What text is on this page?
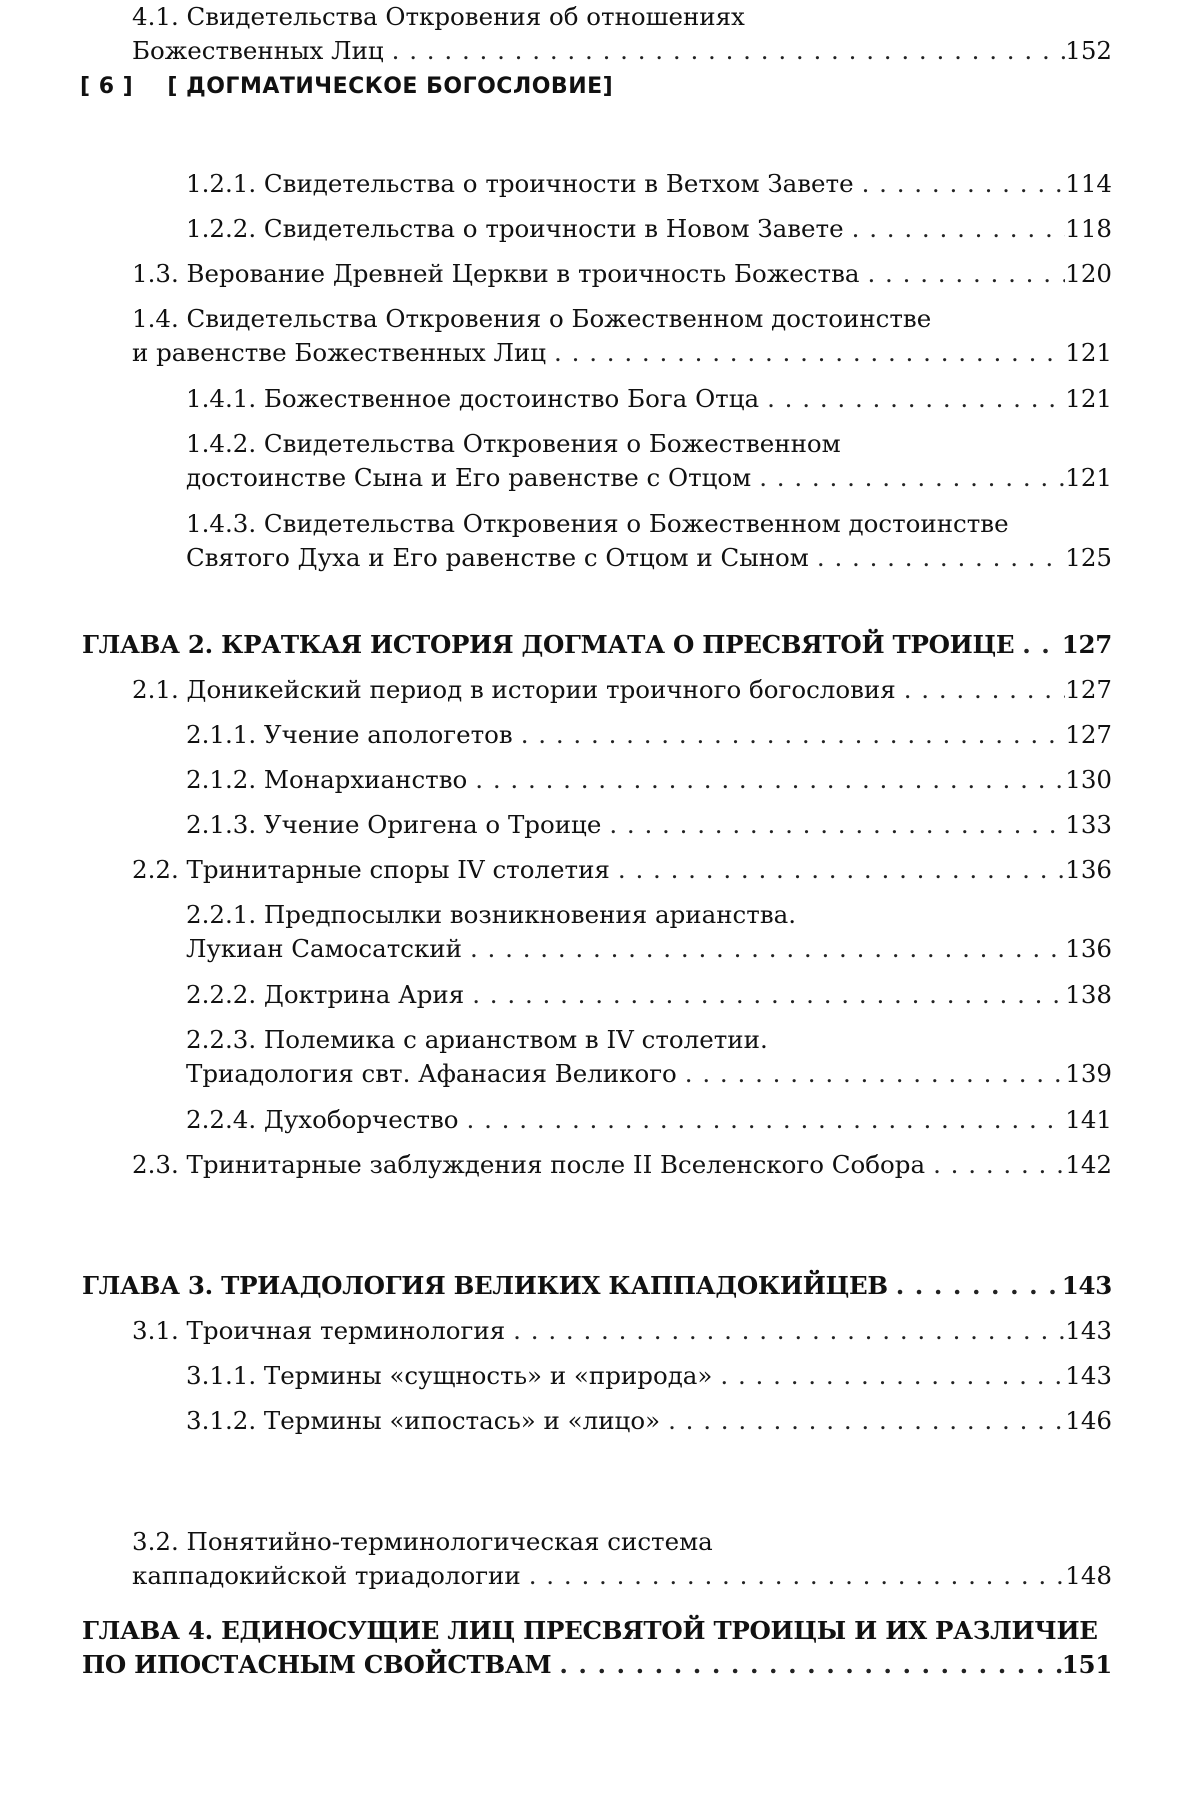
[ 6 ] [ ДОГМАТИЧЕСКОЕ БОГОСЛОВИЕ]
1.2.1. Свидетельства о троичности в Ветхом Завете . . .	114
1.2.2. Свидетельства о троичности в Новом Завете . . .	118
1.3. Верование Древней Церкви в троичность Божества . . .	120
1.4. Свидетельства Откровения о Божественном достоинстве
и равенстве Божественных Лиц . . .	121
1.4.1. Божественное достоинство Бога Отца . . .	121
1.4.2. Свидетельства Откровения о Божественном
достоинстве Сына и Его равенстве с Отцом . . .	121
1.4.3. Свидетельства Откровения о Божественном достоинстве
Святого Духа и Его равенстве с Отцом и Сыном . . .	125
ГЛАВА 2. КРАТКАЯ ИСТОРИЯ ДОГМАТА О ПРЕСВЯТОЙ ТРОИЦЕ . . . 127
2.1. Доникейский период в истории троичного богословия . . .	127
2.1.1. Учение апологетов . . .	127
2.1.2. Монархианство . . .	130
2.1.3. Учение Оригена о Троице . . .	133
2.2. Тринитарные споры IV столетия . . .	136
2.2.1. Предпосылки возникновения арианства.
Лукиан Самосатский . . .	136
2.2.2. Доктрина Ария . . .	138
2.2.3. Полемика с арианством в IV столетии.
Триадология свт. Афанасия Великого . . .	139
2.2.4. Духоборчество . . .	141
2.3. Тринитарные заблуждения после II Вселенского Собора . . .	142
ГЛАВА 3. ТРИАДОЛОГИЯ ВЕЛИКИХ КАППАДОКИЙЦЕВ . . .	143
3.1. Троичная терминология . . .	143
3.1.1. Термины «сущность» и «природа» . . .	143
3.1.2. Термины «ипостась» и «лицо» . . .	146
3.2. Понятийно-терминологическая система
каппадокийской триадологии . . .	148
ГЛАВА 4. ЕДИНОСУЩИЕ ЛИЦ ПРЕСВЯТОЙ ТРОИЦЫ И ИХ РАЗЛИЧИЕ
ПО ИПОСТАСНЫМ СВОЙСТВАМ . . .	151
4.1. Свидетельства Откровения об отношениях
Божественных Лиц . . .	152
